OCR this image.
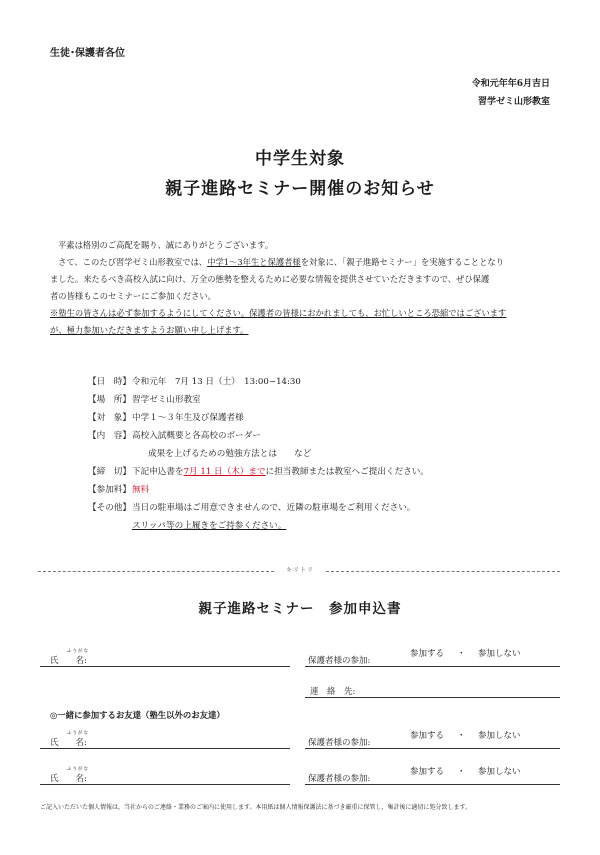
生徒･保護者各位
令和元年年6月吉日
習学ゼミ山形教室
中学生対象
親子進路セミナー開催のお知らせ
平素は格別のご高配を賜り、誠にありがとうございます。
さて、このたび習学ゼミ山形教室では、中学1～3年生と保護者様を対象に、「親子進路セミナー」を実施することとなり
ました。来たるべき高校入試に向け、万全の態勢を整えるために必要な情報を提供させていただきますので、ぜひ保護
者の皆様もこのセミナーにご参加ください。
※塾生の皆さんは必ず参加するようにしてください。保護者の皆様におかれましても、お忙しいところ恐縮ではございます
が、極力参加いただきますようお願い申し上げます。
【日　時】 令和元年　7月 13 日（土）　13:00~14:30
【場　所】 習学ゼミ山形教室
【対　象】 中学１～３年生及び保護者様
【内　容】 高校入試概要と各高校のボーダー
成果を上げるための勉強方法とは　　など
【締　切】 下記申込書を7月 11 日（木）までに担当教師または教室へご提出ください。
【参加料】 無料
【その他】 当日の駐車場はご用意できませんので、近隣の駐車場をご利用ください。
スリッパ等の上履きをご持参ください。
キリトリ
親子進路セミナー　参加申込書
ふりがな
氏　　名:
参加する ・ 参加しない
保護者様の参加:
連　絡　先:
◎一緒に参加するお友達（塾生以外のお友達）
ふりがな
氏　　名:
参加する ・ 参加しない
保護者様の参加:
ふりがな
氏　　名:
参加する ・ 参加しない
保護者様の参加:
ご記入いただいた個人情報は，当社からのご連絡・業務のご案内に使用します。本用紙は個人情報保護法に基づき厳重に保管し，集計後に適切に処分致します。
